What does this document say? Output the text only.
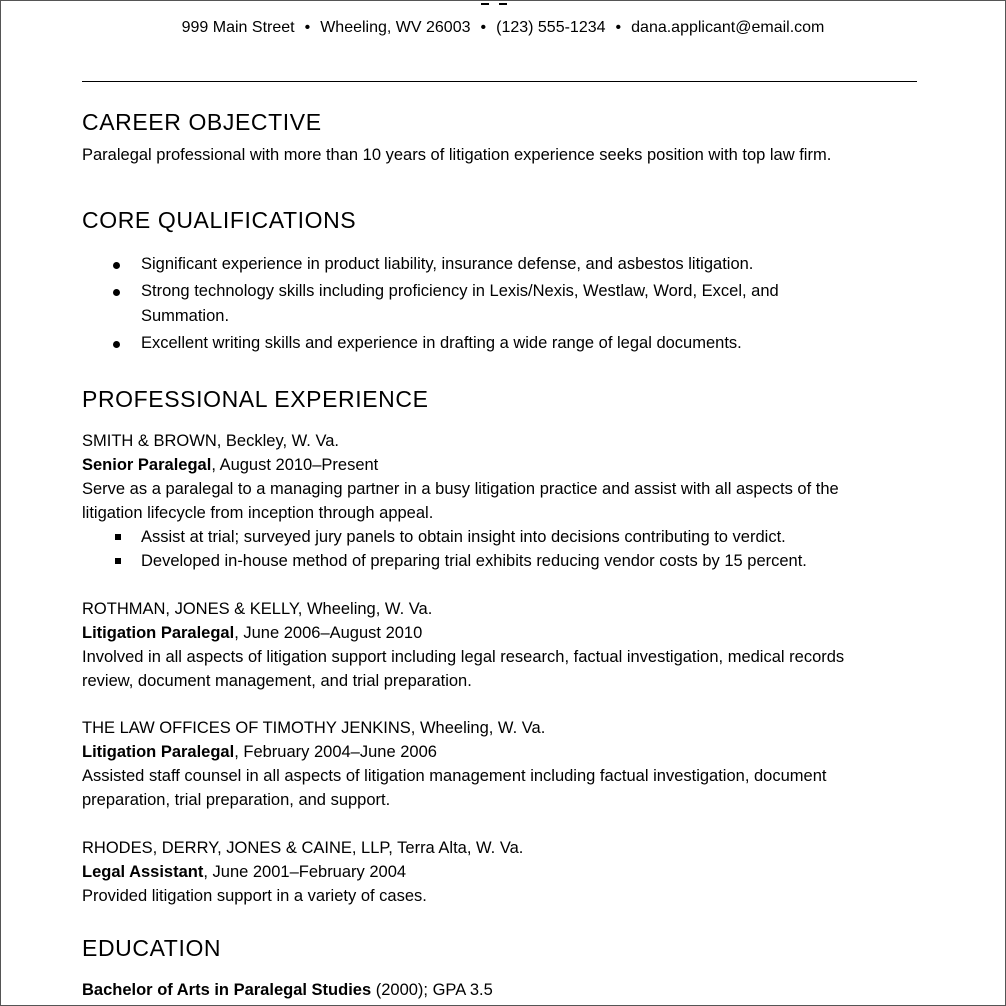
999 Main Street • Wheeling, WV 26003 • (123) 555-1234 • dana.applicant@email.com
CAREER OBJECTIVE
Paralegal professional with more than 10 years of litigation experience seeks position with top law firm.
CORE QUALIFICATIONS
Significant experience in product liability, insurance defense, and asbestos litigation.
Strong technology skills including proficiency in Lexis/Nexis, Westlaw, Word, Excel, and
Summation.
Excellent writing skills and experience in drafting a wide range of legal documents.
PROFESSIONAL EXPERIENCE
SMITH & BROWN, Beckley, W. Va.
Senior Paralegal, August 2010–Present
Serve as a paralegal to a managing partner in a busy litigation practice and assist with all aspects of the
litigation lifecycle from inception through appeal.
Assist at trial; surveyed jury panels to obtain insight into decisions contributing to verdict.
Developed in-house method of preparing trial exhibits reducing vendor costs by 15 percent.
ROTHMAN, JONES & KELLY, Wheeling, W. Va.
Litigation Paralegal, June 2006–August 2010
Involved in all aspects of litigation support including legal research, factual investigation, medical records
review, document management, and trial preparation.
THE LAW OFFICES OF TIMOTHY JENKINS, Wheeling, W. Va.
Litigation Paralegal, February 2004–June 2006
Assisted staff counsel in all aspects of litigation management including factual investigation, document
preparation, trial preparation, and support.
RHODES, DERRY, JONES & CAINE, LLP, Terra Alta, W. Va.
Legal Assistant, June 2001–February 2004
Provided litigation support in a variety of cases.
EDUCATION
Bachelor of Arts in Paralegal Studies (2000); GPA 3.5
